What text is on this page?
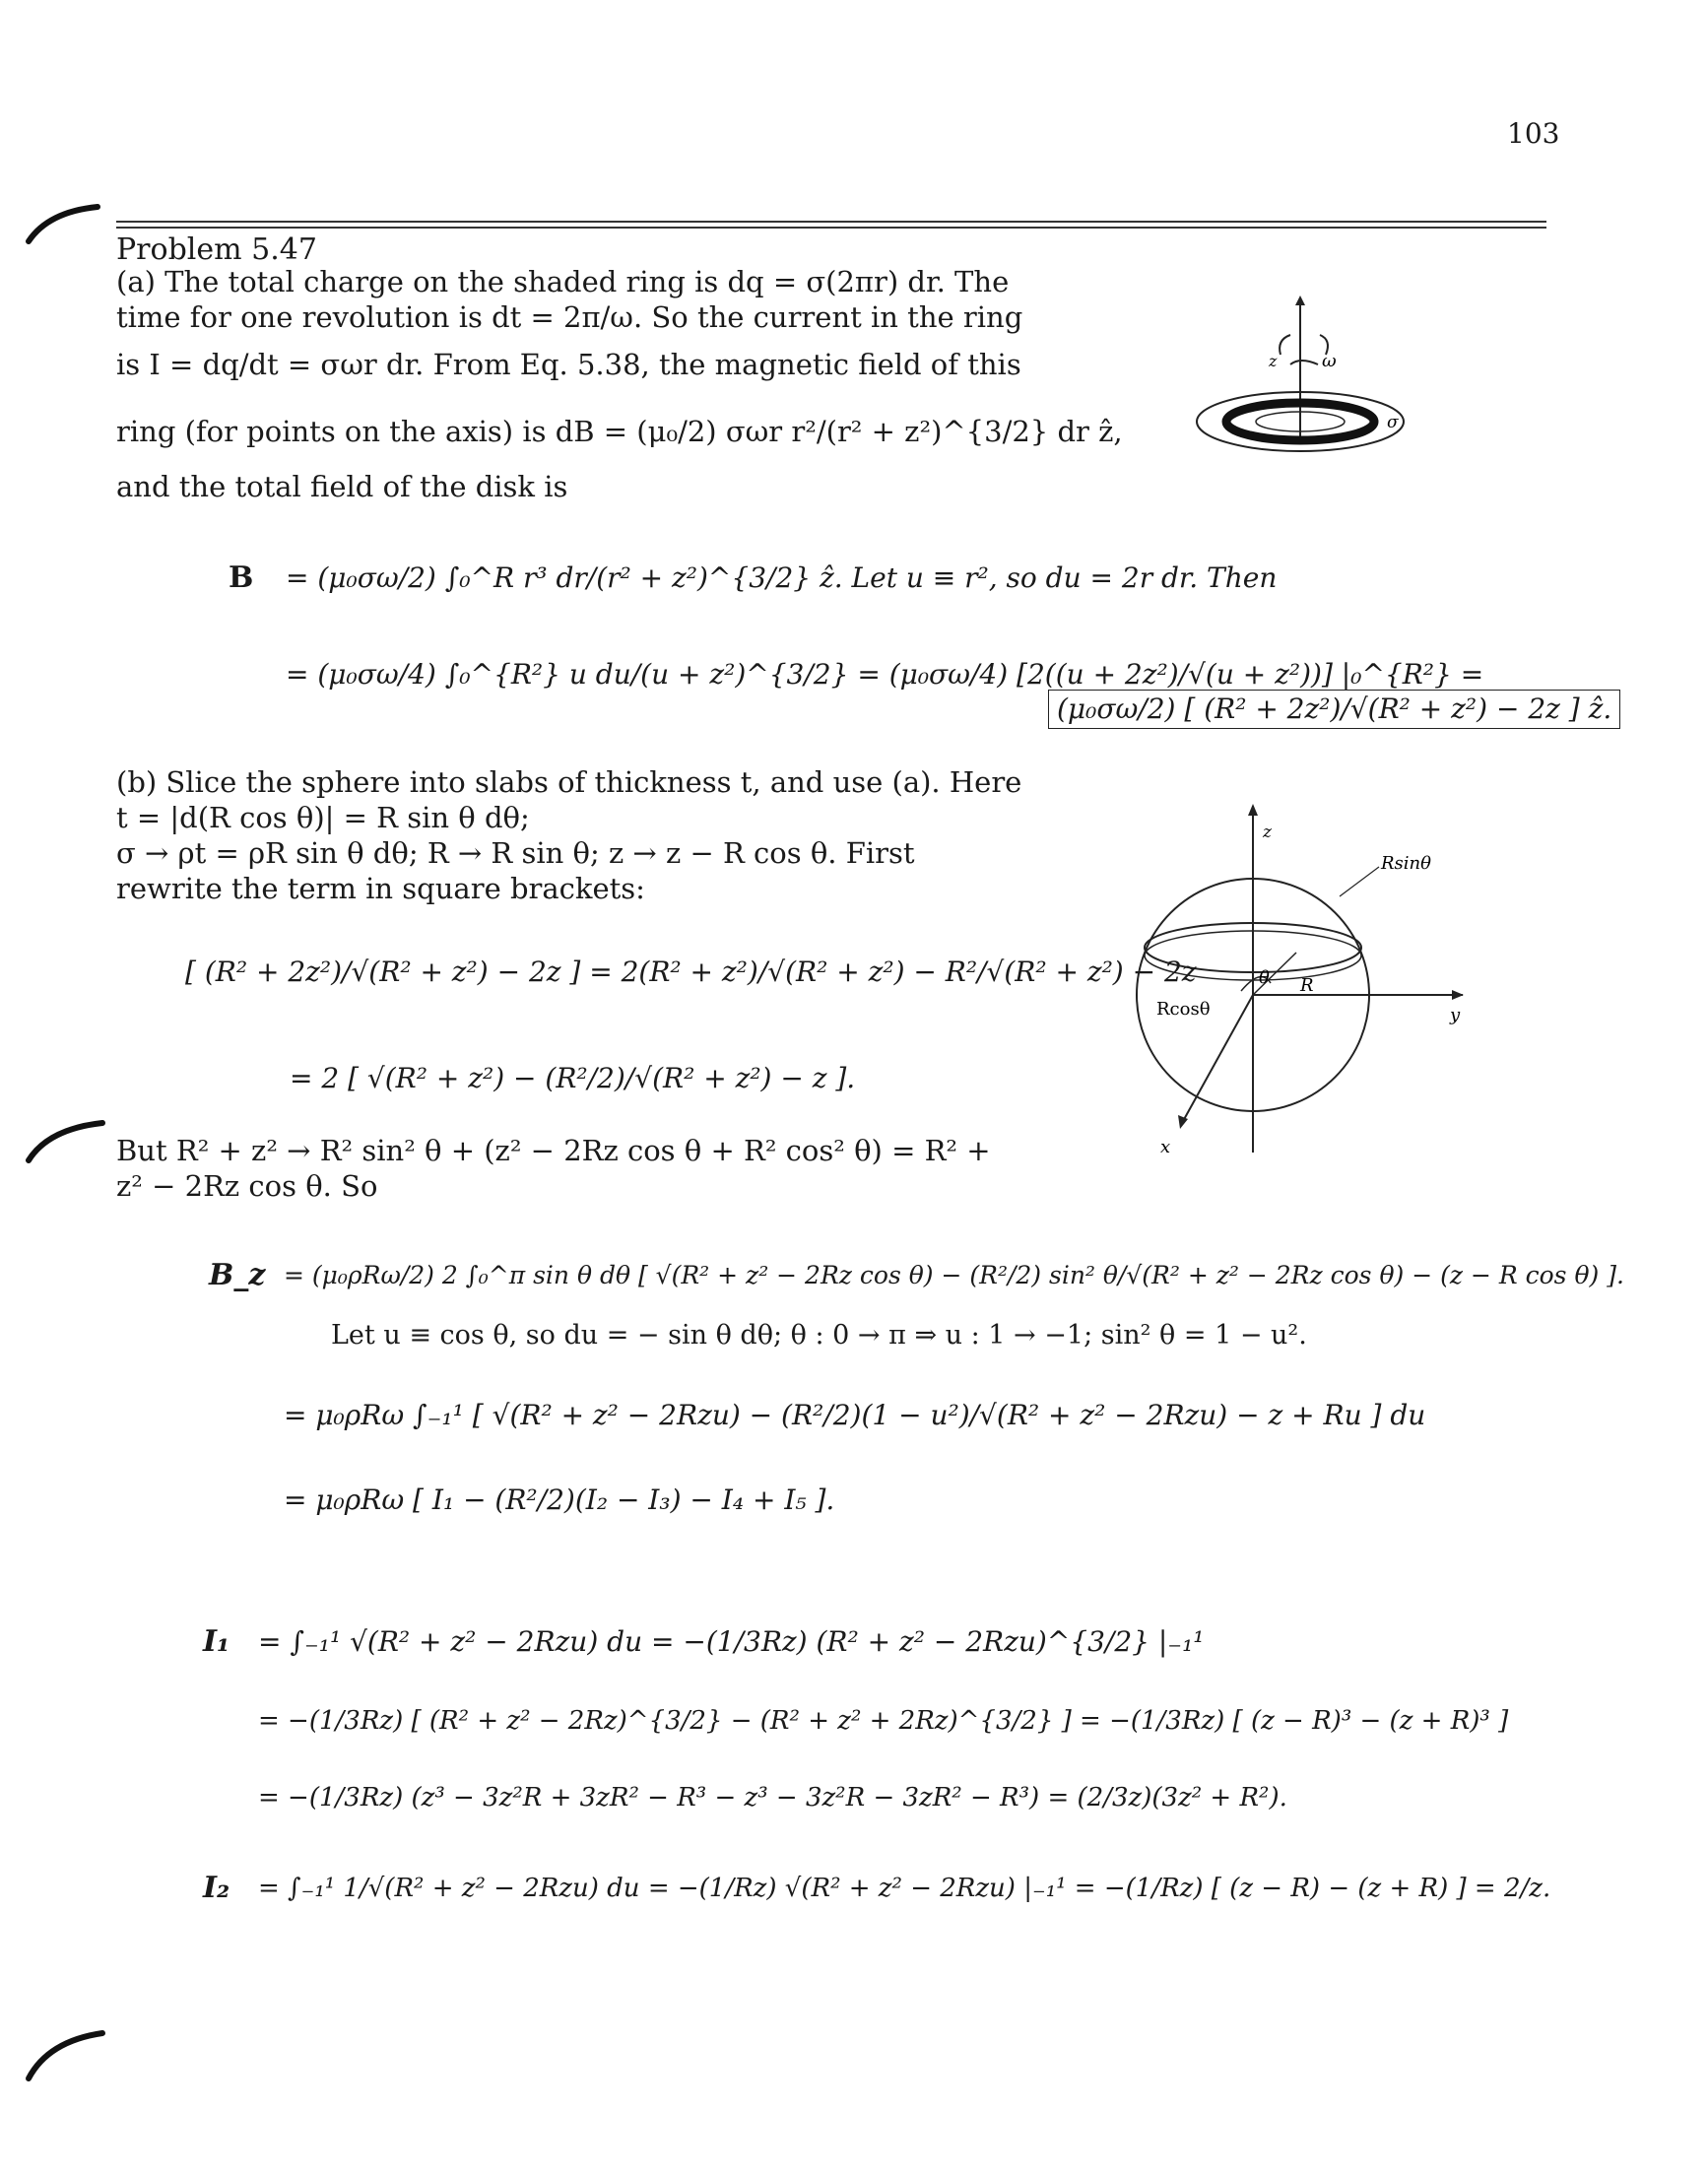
103
Problem 5.47
(a) The total charge on the shaded ring is dq = σ(2πr) dr. The
time for one revolution is dt = 2π/ω. So the current in the ring
is I = dq/dt = σωr dr. From Eq. 5.38, the magnetic field of this
ring (for points on the axis) is dB = (μ₀/2) σωr r²/(r² + z²)^{3/2} dr ẑ,
and the total field of the disk is
z	ω
σ
B = (μ₀σω/2) ∫₀^R r³ dr/(r² + z²)^{3/2} ẑ. Let u ≡ r², so du = 2r dr. Then
= (μ₀σω/4) ∫₀^{R²} u du/(u + z²)^{3/2} = (μ₀σω/4) [2((u + 2z²)/√(u + z²))] |₀^{R²} =
(μ₀σω/2) [ (R² + 2z²)/√(R² + z²) − 2z ] ẑ.
(b) Slice the sphere into slabs of thickness t, and use (a). Here
t = |d(R cos θ)| = R sin θ dθ;
σ → ρt = ρR sin θ dθ; R → R sin θ; z → z − R cos θ. First
rewrite the term in square brackets:
z
Rsinθ
Rcosθ
θ R
y
x
[ (R² + 2z²)/√(R² + z²) − 2z ] = 2(R² + z²)/√(R² + z²) − R²/√(R² + z²) − 2z
= 2 [ √(R² + z²) − (R²/2)/√(R² + z²) − z ].
But R² + z² → R² sin² θ + (z² − 2Rz cos θ + R² cos² θ) = R² +
z² − 2Rz cos θ. So
B_z = (μ₀ρRω/2) 2 ∫₀^π sin θ dθ [ √(R² + z² − 2Rz cos θ) − (R²/2) sin² θ/√(R² + z² − 2Rz cos θ) − (z − R cos θ) ].
Let u ≡ cos θ, so du = − sin θ dθ; θ : 0 → π ⇒ u : 1 → −1; sin² θ = 1 − u².
= μ₀ρRω ∫₋₁¹ [ √(R² + z² − 2Rzu) − (R²/2)(1 − u²)/√(R² + z² − 2Rzu) − z + Ru ] du
= μ₀ρRω [ I₁ − (R²/2)(I₂ − I₃) − I₄ + I₅ ].
I₁ = ∫₋₁¹ √(R² + z² − 2Rzu) du = −(1/3Rz) (R² + z² − 2Rzu)^{3/2} |₋₁¹
= −(1/3Rz) [ (R² + z² − 2Rz)^{3/2} − (R² + z² + 2Rz)^{3/2} ] = −(1/3Rz) [ (z − R)³ − (z + R)³ ]
= −(1/3Rz) (z³ − 3z²R + 3zR² − R³ − z³ − 3z²R − 3zR² − R³) = (2/3z)(3z² + R²).
I₂ = ∫₋₁¹ 1/√(R² + z² − 2Rzu) du = −(1/Rz) √(R² + z² − 2Rzu) |₋₁¹ = −(1/Rz) [ (z − R) − (z + R) ] = 2/z.
